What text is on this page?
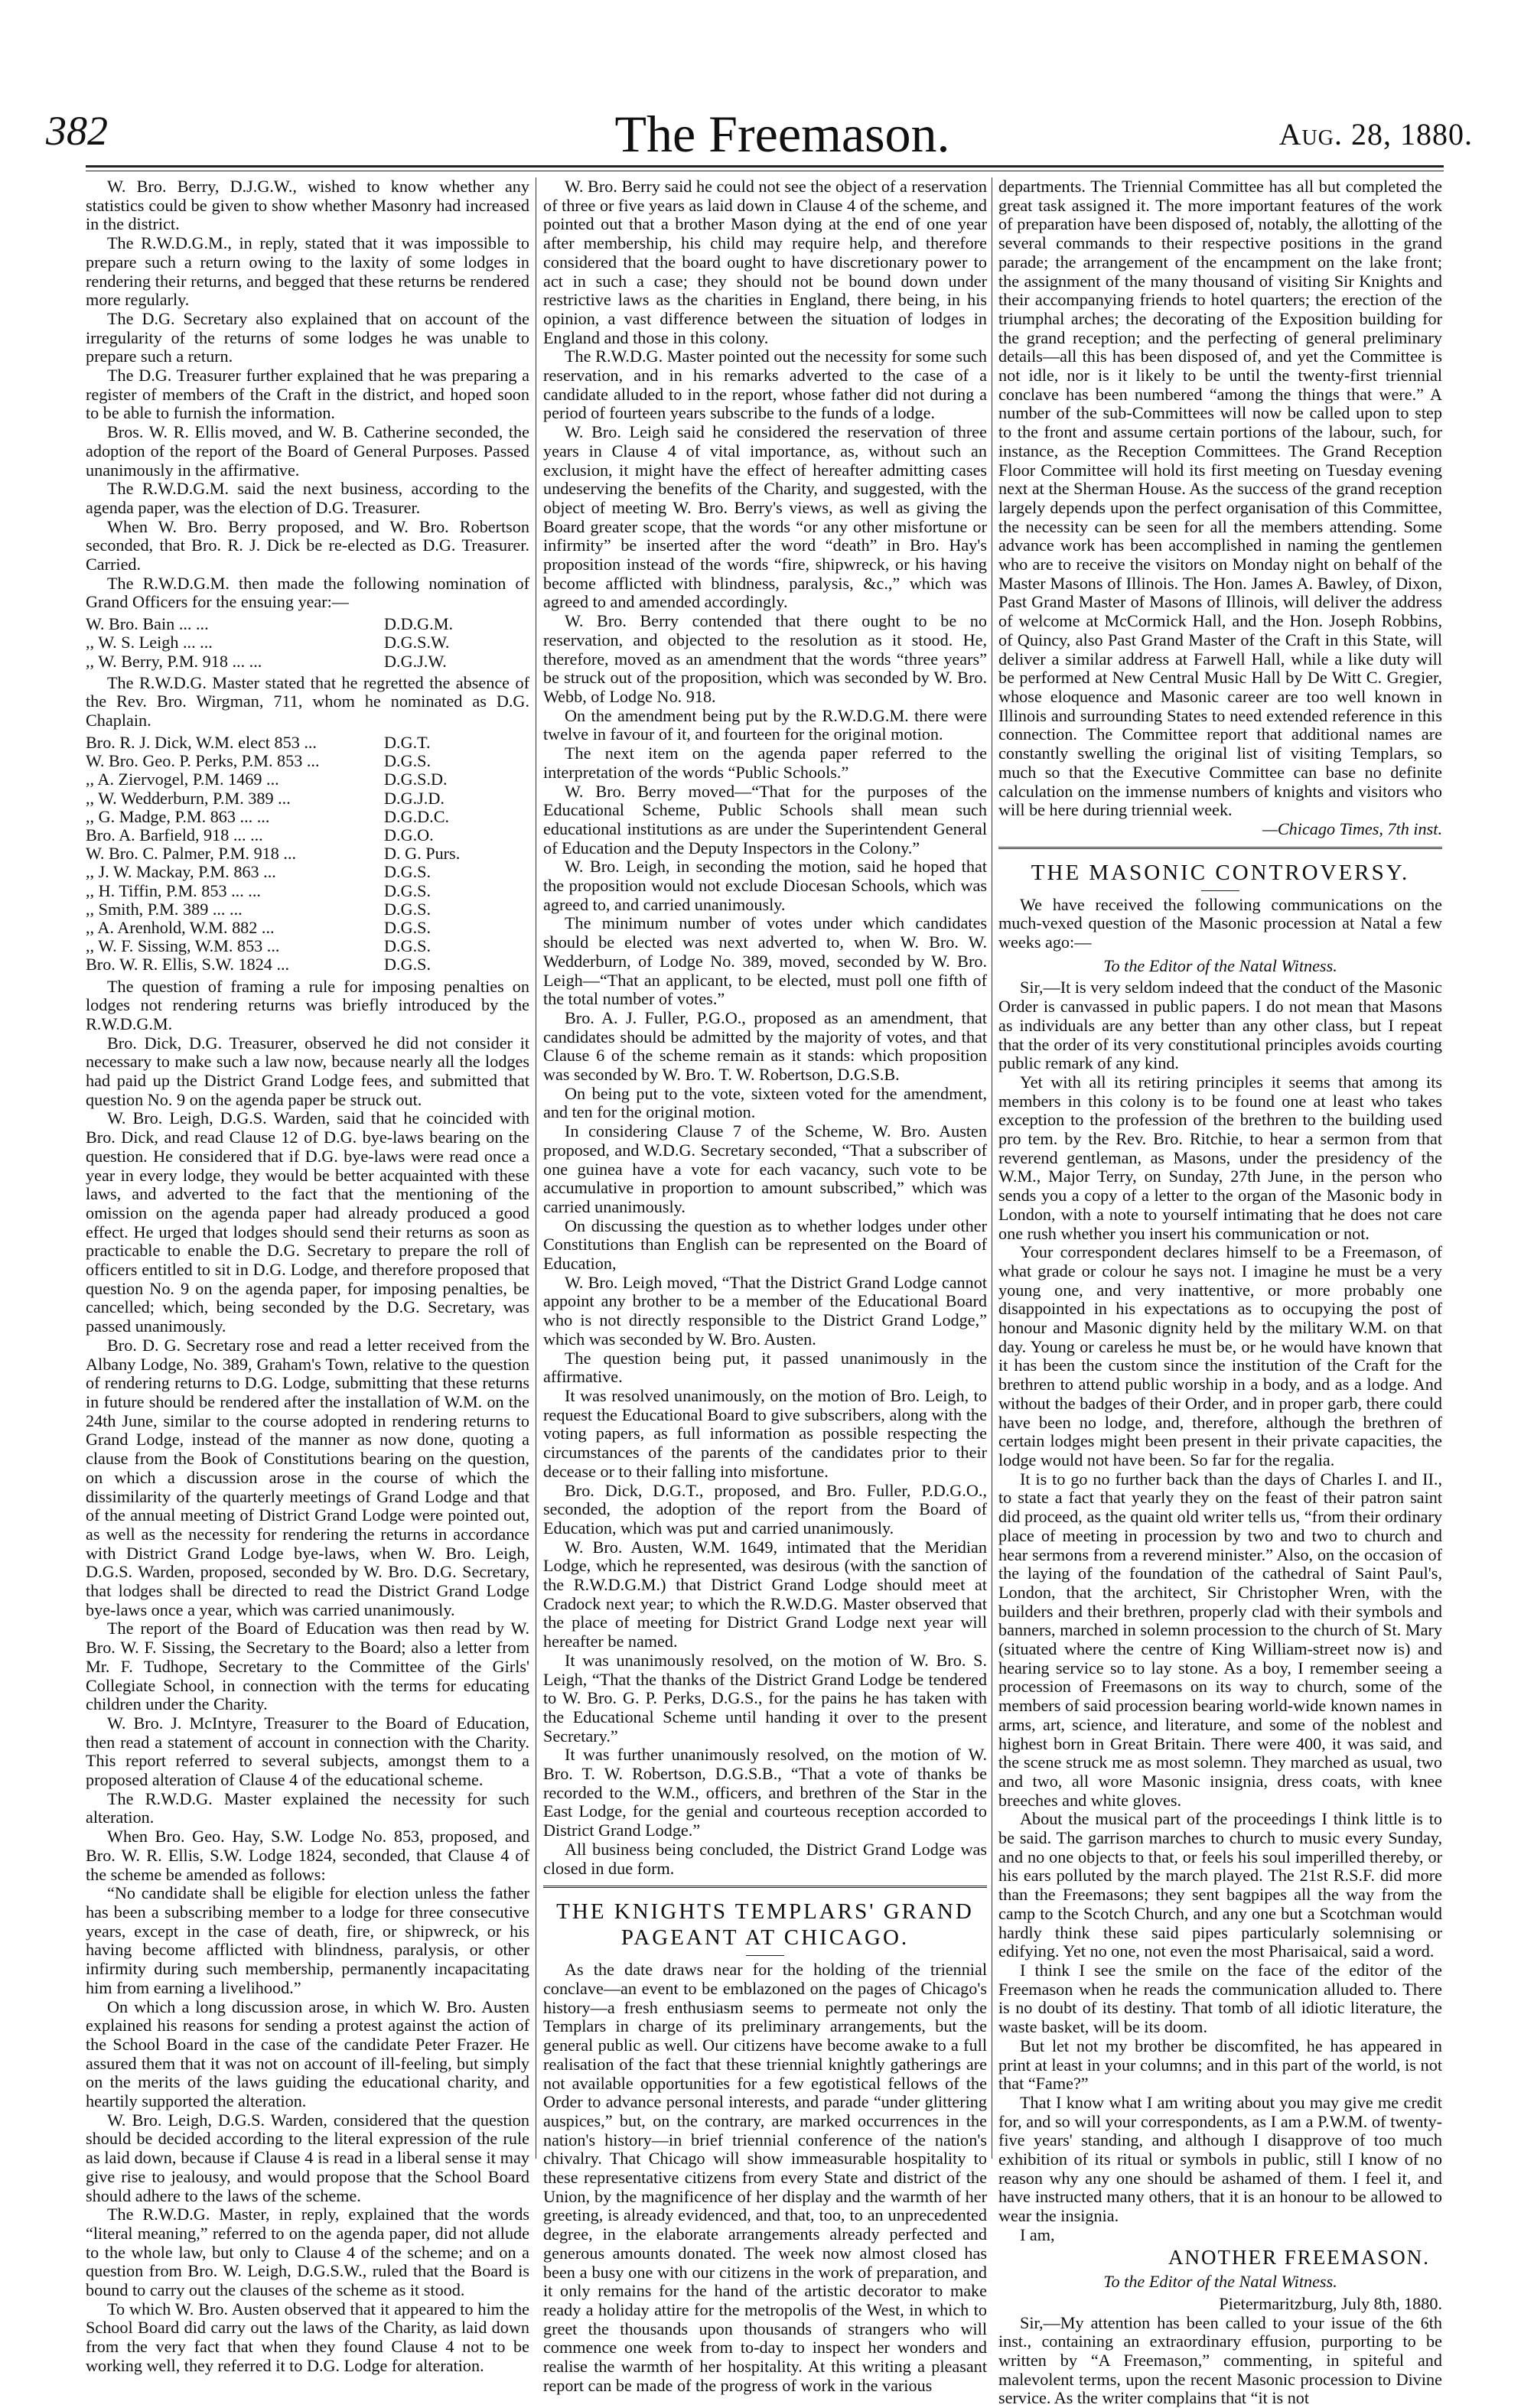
382	The Freemason.	Aug. 28, 1880.

W. Bro. Berry, D.J.G.W., wished to know whether any statistics could be given to show whether Masonry had increased in the district.

The R.W.D.G.M., in reply, stated that it was impossible to prepare such a return owing to the laxity of some lodges in rendering their returns, and begged that these returns be rendered more regularly.

The D.G. Secretary also explained that on account of the irregularity of the returns of some lodges he was unable to prepare such a return.

The D.G. Treasurer further explained that he was preparing a register of members of the Craft in the district, and hoped soon to be able to furnish the information.

Bros. W. R. Ellis moved, and W. B. Catherine seconded, the adoption of the report of the Board of General Purposes. Passed unanimously in the affirmative.

The R.W.D.G.M. said the next business, according to the agenda paper, was the election of D.G. Treasurer.

When W. Bro. Berry proposed, and W. Bro. Robertson seconded, that Bro. R. J. Dick be re-elected as D.G. Treasurer. Carried.

The R.W.D.G.M. then made the following nomination of Grand Officers for the ensuing year:—

W. Bro. Bain ... ...	D.D.G.M.
,, W. S. Leigh ... ...	D.G.S.W.
,, W. Berry, P.M. 918 ... ...	D.G.J.W.

The R.W.D.G. Master stated that he regretted the absence of the Rev. Bro. Wirgman, 711, whom he nominated as D.G. Chaplain.

Bro. R. J. Dick, W.M. elect 853 ...	D.G.T.
W. Bro. Geo. P. Perks, P.M. 853 ...	D.G.S.
,, A. Ziervogel, P.M. 1469 ...	D.G.S.D.
,, W. Wedderburn, P.M. 389 ...	D.G.J.D.
,, G. Madge, P.M. 863 ... ...	D.G.D.C.
Bro. A. Barfield, 918 ... ...	D.G.O.
W. Bro. C. Palmer, P.M. 918 ...	D. G. Purs.
,, J. W. Mackay, P.M. 863 ...	D.G.S.
,, H. Tiffin, P.M. 853 ... ...	D.G.S.
,, Smith, P.M. 389 ... ...	D.G.S.
,, A. Arenhold, W.M. 882 ...	D.G.S.
,, W. F. Sissing, W.M. 853 ...	D.G.S.
Bro. W. R. Ellis, S.W. 1824 ...	D.G.S.

The question of framing a rule for imposing penalties on lodges not rendering returns was briefly introduced by the R.W.D.G.M.

Bro. Dick, D.G. Treasurer, observed he did not consider it necessary to make such a law now, because nearly all the lodges had paid up the District Grand Lodge fees, and submitted that question No. 9 on the agenda paper be struck out.

W. Bro. Leigh, D.G.S. Warden, said that he coincided with Bro. Dick, and read Clause 12 of D.G. bye-laws bearing on the question. He considered that if D.G. bye-laws were read once a year in every lodge, they would be better acquainted with these laws, and adverted to the fact that the mentioning of the omission on the agenda paper had already produced a good effect. He urged that lodges should send their returns as soon as practicable to enable the D.G. Secretary to prepare the roll of officers entitled to sit in D.G. Lodge, and therefore proposed that question No. 9 on the agenda paper, for imposing penalties, be cancelled; which, being seconded by the D.G. Secretary, was passed unanimously.

Bro. D. G. Secretary rose and read a letter received from the Albany Lodge, No. 389, Graham's Town, relative to the question of rendering returns to D.G. Lodge, submitting that these returns in future should be rendered after the installation of W.M. on the 24th June, similar to the course adopted in rendering returns to Grand Lodge, instead of the manner as now done, quoting a clause from the Book of Constitutions bearing on the question, on which a discussion arose in the course of which the dissimilarity of the quarterly meetings of Grand Lodge and that of the annual meeting of District Grand Lodge were pointed out, as well as the necessity for rendering the returns in accordance with District Grand Lodge bye-laws, when W. Bro. Leigh, D.G.S. Warden, proposed, seconded by W. Bro. D.G. Secretary, that lodges shall be directed to read the District Grand Lodge bye-laws once a year, which was carried unanimously.

The report of the Board of Education was then read by W. Bro. W. F. Sissing, the Secretary to the Board; also a letter from Mr. F. Tudhope, Secretary to the Committee of the Girls' Collegiate School, in connection with the terms for educating children under the Charity.

W. Bro. J. McIntyre, Treasurer to the Board of Education, then read a statement of account in connection with the Charity. This report referred to several subjects, amongst them to a proposed alteration of Clause 4 of the educational scheme.

The R.W.D.G. Master explained the necessity for such alteration.

When Bro. Geo. Hay, S.W. Lodge No. 853, proposed, and Bro. W. R. Ellis, S.W. Lodge 1824, seconded, that Clause 4 of the scheme be amended as follows:

“No candidate shall be eligible for election unless the father has been a subscribing member to a lodge for three consecutive years, except in the case of death, fire, or shipwreck, or his having become afflicted with blindness, paralysis, or other infirmity during such membership, permanently incapacitating him from earning a livelihood.”

On which a long discussion arose, in which W. Bro. Austen explained his reasons for sending a protest against the action of the School Board in the case of the candidate Peter Frazer. He assured them that it was not on account of ill-feeling, but simply on the merits of the laws guiding the educational charity, and heartily supported the alteration.

W. Bro. Leigh, D.G.S. Warden, considered that the question should be decided according to the literal expression of the rule as laid down, because if Clause 4 is read in a liberal sense it may give rise to jealousy, and would propose that the School Board should adhere to the laws of the scheme.

The R.W.D.G. Master, in reply, explained that the words “literal meaning,” referred to on the agenda paper, did not allude to the whole law, but only to Clause 4 of the scheme; and on a question from Bro. W. Leigh, D.G.S.W., ruled that the Board is bound to carry out the clauses of the scheme as it stood.

To which W. Bro. Austen observed that it appeared to him the School Board did carry out the laws of the Charity, as laid down from the very fact that when they found Clause 4 not to be working well, they referred it to D.G. Lodge for alteration.

W. Bro. Berry said he could not see the object of a reservation of three or five years as laid down in Clause 4 of the scheme, and pointed out that a brother Mason dying at the end of one year after membership, his child may require help, and therefore considered that the board ought to have discretionary power to act in such a case; they should not be bound down under restrictive laws as the charities in England, there being, in his opinion, a vast difference between the situation of lodges in England and those in this colony.

The R.W.D.G. Master pointed out the necessity for some such reservation, and in his remarks adverted to the case of a candidate alluded to in the report, whose father did not during a period of fourteen years subscribe to the funds of a lodge.

W. Bro. Leigh said he considered the reservation of three years in Clause 4 of vital importance, as, without such an exclusion, it might have the effect of hereafter admitting cases undeserving the benefits of the Charity, and suggested, with the object of meeting W. Bro. Berry's views, as well as giving the Board greater scope, that the words “or any other misfortune or infirmity” be inserted after the word “death” in Bro. Hay's proposition instead of the words “fire, shipwreck, or his having become afflicted with blindness, paralysis, &c.,” which was agreed to and amended accordingly.

W. Bro. Berry contended that there ought to be no reservation, and objected to the resolution as it stood. He, therefore, moved as an amendment that the words “three years” be struck out of the proposition, which was seconded by W. Bro. Webb, of Lodge No. 918.

On the amendment being put by the R.W.D.G.M. there were twelve in favour of it, and fourteen for the original motion.

The next item on the agenda paper referred to the interpretation of the words “Public Schools.”

W. Bro. Berry moved—“That for the purposes of the Educational Scheme, Public Schools shall mean such educational institutions as are under the Superintendent General of Education and the Deputy Inspectors in the Colony.”

W. Bro. Leigh, in seconding the motion, said he hoped that the proposition would not exclude Diocesan Schools, which was agreed to, and carried unanimously.

The minimum number of votes under which candidates should be elected was next adverted to, when W. Bro. W. Wedderburn, of Lodge No. 389, moved, seconded by W. Bro. Leigh—“That an applicant, to be elected, must poll one fifth of the total number of votes.”

Bro. A. J. Fuller, P.G.O., proposed as an amendment, that candidates should be admitted by the majority of votes, and that Clause 6 of the scheme remain as it stands: which proposition was seconded by W. Bro. T. W. Robertson, D.G.S.B.

On being put to the vote, sixteen voted for the amendment, and ten for the original motion.

In considering Clause 7 of the Scheme, W. Bro. Austen proposed, and W.D.G. Secretary seconded, “That a subscriber of one guinea have a vote for each vacancy, such vote to be accumulative in proportion to amount subscribed,” which was carried unanimously.

On discussing the question as to whether lodges under other Constitutions than English can be represented on the Board of Education,

W. Bro. Leigh moved, “That the District Grand Lodge cannot appoint any brother to be a member of the Educational Board who is not directly responsible to the District Grand Lodge,” which was seconded by W. Bro. Austen.

The question being put, it passed unanimously in the affirmative.

It was resolved unanimously, on the motion of Bro. Leigh, to request the Educational Board to give subscribers, along with the voting papers, as full information as possible respecting the circumstances of the parents of the candidates prior to their decease or to their falling into misfortune.

Bro. Dick, D.G.T., proposed, and Bro. Fuller, P.D.G.O., seconded, the adoption of the report from the Board of Education, which was put and carried unanimously.

W. Bro. Austen, W.M. 1649, intimated that the Meridian Lodge, which he represented, was desirous (with the sanction of the R.W.D.G.M.) that District Grand Lodge should meet at Cradock next year; to which the R.W.D.G. Master observed that the place of meeting for District Grand Lodge next year will hereafter be named.

It was unanimously resolved, on the motion of W. Bro. S. Leigh, “That the thanks of the District Grand Lodge be tendered to W. Bro. G. P. Perks, D.G.S., for the pains he has taken with the Educational Scheme until handing it over to the present Secretary.”

It was further unanimously resolved, on the motion of W. Bro. T. W. Robertson, D.G.S.B., “That a vote of thanks be recorded to the W.M., officers, and brethren of the Star in the East Lodge, for the genial and courteous reception accorded to District Grand Lodge.”

All business being concluded, the District Grand Lodge was closed in due form.

THE KNIGHTS TEMPLARS' GRAND PAGEANT AT CHICAGO.

As the date draws near for the holding of the triennial conclave—an event to be emblazoned on the pages of Chicago's history—a fresh enthusiasm seems to permeate not only the Templars in charge of its preliminary arrangements, but the general public as well. Our citizens have become awake to a full realisation of the fact that these triennial knightly gatherings are not available opportunities for a few egotistical fellows of the Order to advance personal interests, and parade “under glittering auspices,” but, on the contrary, are marked occurrences in the nation's history—in brief triennial conference of the nation's chivalry. That Chicago will show immeasurable hospitality to these representative citizens from every State and district of the Union, by the magnificence of her display and the warmth of her greeting, is already evidenced, and that, too, to an unprecedented degree, in the elaborate arrangements already perfected and generous amounts donated. The week now almost closed has been a busy one with our citizens in the work of preparation, and it only remains for the hand of the artistic decorator to make ready a holiday attire for the metropolis of the West, in which to greet the thousands upon thousands of strangers who will commence one week from to-day to inspect her wonders and realise the warmth of her hospitality. At this writing a pleasant report can be made of the progress of work in the various

departments. The Triennial Committee has all but completed the great task assigned it. The more important features of the work of preparation have been disposed of, notably, the allotting of the several commands to their respective positions in the grand parade; the arrangement of the encampment on the lake front; the assignment of the many thousand of visiting Sir Knights and their accompanying friends to hotel quarters; the erection of the triumphal arches; the decorating of the Exposition building for the grand reception; and the perfecting of general preliminary details—all this has been disposed of, and yet the Committee is not idle, nor is it likely to be until the twenty-first triennial conclave has been numbered “among the things that were.” A number of the sub-Committees will now be called upon to step to the front and assume certain portions of the labour, such, for instance, as the Reception Committees. The Grand Reception Floor Committee will hold its first meeting on Tuesday evening next at the Sherman House. As the success of the grand reception largely depends upon the perfect organisation of this Committee, the necessity can be seen for all the members attending. Some advance work has been accomplished in naming the gentlemen who are to receive the visitors on Monday night on behalf of the Master Masons of Illinois. The Hon. James A. Bawley, of Dixon, Past Grand Master of Masons of Illinois, will deliver the address of welcome at McCormick Hall, and the Hon. Joseph Robbins, of Quincy, also Past Grand Master of the Craft in this State, will deliver a similar address at Farwell Hall, while a like duty will be performed at New Central Music Hall by De Witt C. Gregier, whose eloquence and Masonic career are too well known in Illinois and surrounding States to need extended reference in this connection. The Committee report that additional names are constantly swelling the original list of visiting Templars, so much so that the Executive Committee can base no definite calculation on the immense numbers of knights and visitors who will be here during triennial week.

—Chicago Times, 7th inst.
THE MASONIC CONTROVERSY.

We have received the following communications on the much-vexed question of the Masonic procession at Natal a few weeks ago:—

To the Editor of the Natal Witness.

Sir,—It is very seldom indeed that the conduct of the Masonic Order is canvassed in public papers. I do not mean that Masons as individuals are any better than any other class, but I repeat that the order of its very constitutional principles avoids courting public remark of any kind.

Yet with all its retiring principles it seems that among its members in this colony is to be found one at least who takes exception to the profession of the brethren to the building used pro tem. by the Rev. Bro. Ritchie, to hear a sermon from that reverend gentleman, as Masons, under the presidency of the W.M., Major Terry, on Sunday, 27th June, in the person who sends you a copy of a letter to the organ of the Masonic body in London, with a note to yourself intimating that he does not care one rush whether you insert his communication or not.

Your correspondent declares himself to be a Freemason, of what grade or colour he says not. I imagine he must be a very young one, and very inattentive, or more probably one disappointed in his expectations as to occupying the post of honour and Masonic dignity held by the military W.M. on that day. Young or careless he must be, or he would have known that it has been the custom since the institution of the Craft for the brethren to attend public worship in a body, and as a lodge. And without the badges of their Order, and in proper garb, there could have been no lodge, and, therefore, although the brethren of certain lodges might been present in their private capacities, the lodge would not have been. So far for the regalia.

It is to go no further back than the days of Charles I. and II., to state a fact that yearly they on the feast of their patron saint did proceed, as the quaint old writer tells us, “from their ordinary place of meeting in procession by two and two to church and hear sermons from a reverend minister.” Also, on the occasion of the laying of the foundation of the cathedral of Saint Paul's, London, that the architect, Sir Christopher Wren, with the builders and their brethren, properly clad with their symbols and banners, marched in solemn procession to the church of St. Mary (situated where the centre of King William-street now is) and hearing service so to lay stone. As a boy, I remember seeing a procession of Freemasons on its way to church, some of the members of said procession bearing world-wide known names in arms, art, science, and literature, and some of the noblest and highest born in Great Britain. There were 400, it was said, and the scene struck me as most solemn. They marched as usual, two and two, all wore Masonic insignia, dress coats, with knee breeches and white gloves.

About the musical part of the proceedings I think little is to be said. The garrison marches to church to music every Sunday, and no one objects to that, or feels his soul imperilled thereby, or his ears polluted by the march played. The 21st R.S.F. did more than the Freemasons; they sent bagpipes all the way from the camp to the Scotch Church, and any one but a Scotchman would hardly think these said pipes particularly solemnising or edifying. Yet no one, not even the most Pharisaical, said a word.

I think I see the smile on the face of the editor of the Freemason when he reads the communication alluded to. There is no doubt of its destiny. That tomb of all idiotic literature, the waste basket, will be its doom.

But let not my brother be discomfited, he has appeared in print at least in your columns; and in this part of the world, is not that “Fame?”

That I know what I am writing about you may give me credit for, and so will your correspondents, as I am a P.W.M. of twenty-five years' standing, and although I disapprove of too much exhibition of its ritual or symbols in public, still I know of no reason why any one should be ashamed of them. I feel it, and have instructed many others, that it is an honour to be allowed to wear the insignia.

I am,

ANOTHER FREEMASON.
To the Editor of the Natal Witness.
Pietermaritzburg, July 8th, 1880.

Sir,—My attention has been called to your issue of the 6th inst., containing an extraordinary effusion, purporting to be written by “A Freemason,” commenting, in spiteful and malevolent terms, upon the recent Masonic procession to Divine service. As the writer complains that “it is not
